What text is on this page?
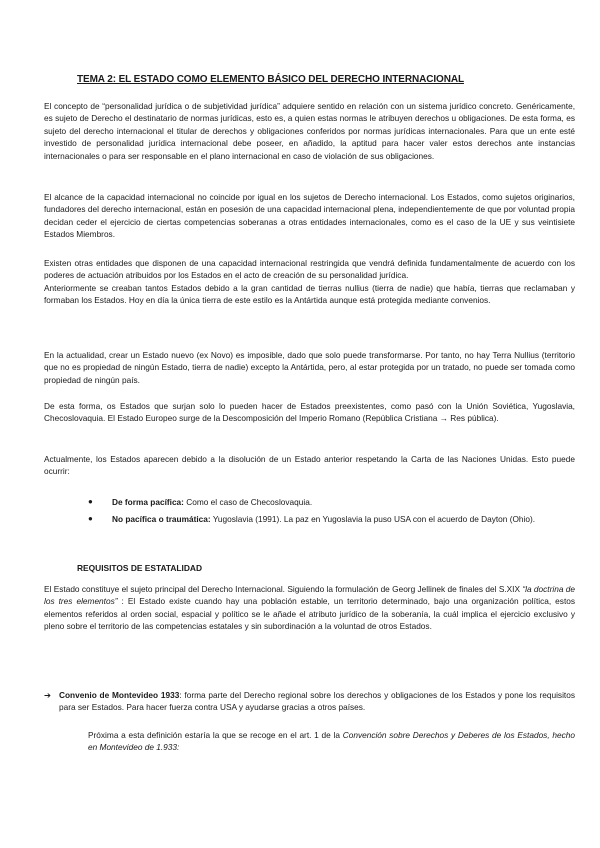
TEMA 2: EL ESTADO COMO ELEMENTO BÁSICO DEL DERECHO INTERNACIONAL

El concepto de “personalidad jurídica o de subjetividad jurídica” adquiere sentido en relación con un sistema jurídico concreto. Genéricamente, es sujeto de Derecho el destinatario de normas jurídicas, esto es, a quien estas normas le atribuyen derechos u obligaciones. De esta forma, es sujeto del derecho internacional el titular de derechos y obligaciones conferidos por normas jurídicas internacionales. Para que un ente esté investido de personalidad jurídica internacional debe poseer, en añadido, la aptitud para hacer valer estos derechos ante instancias internacionales o para ser responsable en el plano internacional en caso de violación de sus obligaciones.

El alcance de la capacidad internacional no coincide por igual en los sujetos de Derecho internacional. Los Estados, como sujetos originarios, fundadores del derecho internacional, están en posesión de una capacidad internacional plena, independientemente de que por voluntad propia decidan ceder el ejercicio de ciertas competencias soberanas a otras entidades internacionales, como es el caso de la UE y sus veintisiete Estados Miembros.

Existen otras entidades que disponen de una capacidad internacional restringida que vendrá definida fundamentalmente de acuerdo con los poderes de actuación atribuidos por los Estados en el acto de creación de su personalidad jurídica.
Anteriormente se creaban tantos Estados debido a la gran cantidad de tierras nullius (tierra de nadie) que había, tierras que reclamaban y formaban los Estados. Hoy en día la única tierra de este estilo es la Antártida aunque está protegida mediante convenios.

En la actualidad, crear un Estado nuevo (ex Novo) es imposible, dado que solo puede transformarse. Por tanto, no hay Terra Nullius (territorio que no es propiedad de ningún Estado, tierra de nadie) excepto la Antártida, pero, al estar protegida por un tratado, no puede ser tomada como propiedad de ningún país.

De esta forma, os Estados que surjan solo lo pueden hacer de Estados preexistentes, como pasó con la Unión Soviética, Yugoslavia, Checoslovaquia. El Estado Europeo surge de la Descomposición del Imperio Romano (República Cristiana → Res pública).

Actualmente, los Estados aparecen debido a la disolución de un Estado anterior respetando la Carta de las Naciones Unidas. Esto puede ocurrir:

● De forma pacífica: Como el caso de Checoslovaquia.
● No pacífica o traumática: Yugoslavia (1991). La paz en Yugoslavia la puso USA con el acuerdo de Dayton (Ohio).
REQUISITOS DE ESTATALIDAD

El Estado constituye el sujeto principal del Derecho Internacional. Siguiendo la formulación de Georg Jellinek de finales del S.XIX “la doctrina de los tres elementos” : El Estado existe cuando hay una población estable, un territorio determinado, bajo una organización política, estos elementos referidos al orden social, espacial y político se le añade el atributo jurídico de la soberanía, la cuál implica el ejercicio exclusivo y pleno sobre el territorio de las competencias estatales y sin subordinación a la voluntad de otros Estados.

➔ Convenio de Montevideo 1933: forma parte del Derecho regional sobre los derechos y obligaciones de los Estados y pone los requisitos para ser Estados. Para hacer fuerza contra USA y ayudarse gracias a otros países.

Próxima a esta definición estaría la que se recoge en el art. 1 de la Convención sobre Derechos y Deberes de los Estados, hecho en Montevideo de 1.933:
